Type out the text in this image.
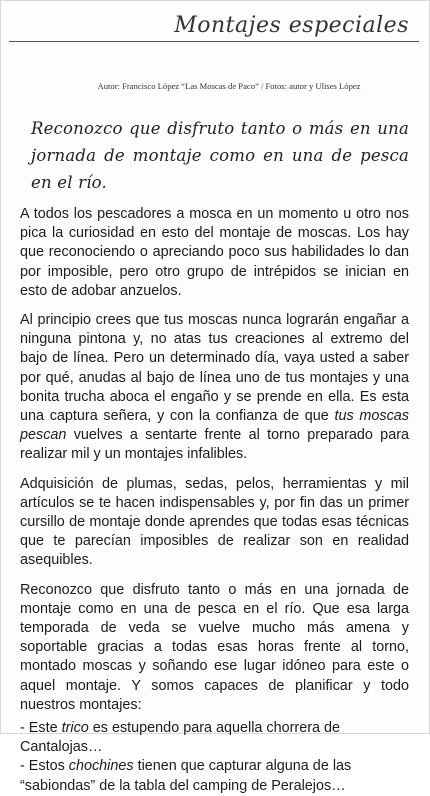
Montajes especiales
Autor: Francisco López “Las Moscas de Paco” / Fotos: autor y Ulises López
Reconozco que disfruto tanto o más en una jornada de montaje como en una de pesca en el río.

A todos los pescadores a mosca en un momento u otro nos pica la curiosidad en esto del montaje de moscas. Los hay que reconociendo o apreciando poco sus habilidades lo dan por imposible, pero otro grupo de intrépidos se inician en esto de adobar anzuelos.

Al principio crees que tus moscas nunca lograrán engañar a ninguna pintona y, no atas tus creaciones al extremo del bajo de línea. Pero un determinado día, vaya usted a saber por qué, anudas al bajo de línea uno de tus montajes y una bonita trucha aboca el engaño y se prende en ella. Es esta una captura señera, y con la confianza de que tus moscas pescan vuelves a sentarte frente al torno preparado para realizar mil y un montajes infalibles.

Adquisición de plumas, sedas, pelos, herramientas y mil artículos se te hacen indispensables y, por fin das un primer cursillo de montaje donde aprendes que todas esas técnicas que te parecían imposibles de realizar son en realidad asequibles.

Reconozco que disfruto tanto o más en una jornada de montaje como en una de pesca en el río. Que esa larga temporada de veda se vuelve mucho más amena y soportable gracias a todas esas horas frente al torno, montado moscas y soñando ese lugar idóneo para este o aquel montaje. Y somos capaces de planificar y todo nuestros montajes:

- Este trico es estupendo para aquella chorrera de Cantalojas…
- Estos chochines tienen que capturar alguna de las “sabiondas” de la tabla del camping de Peralejos…
